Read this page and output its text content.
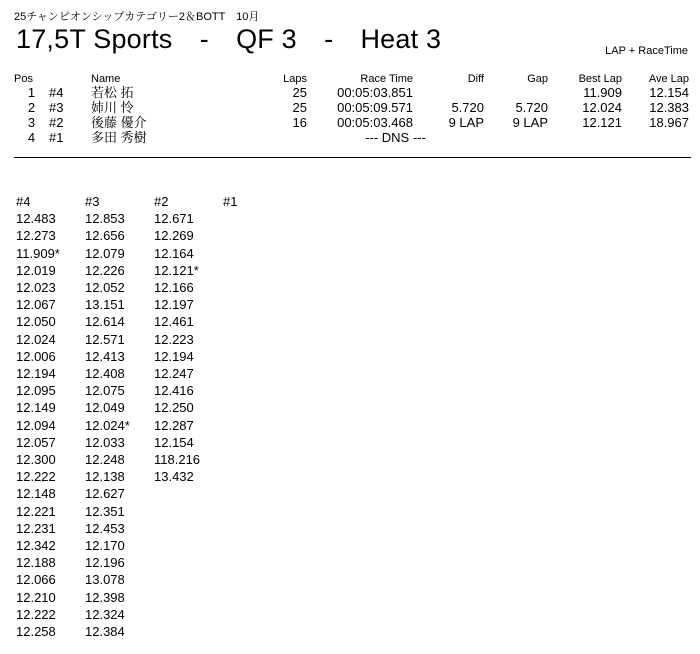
25チャンピオンシップカテゴリー2＆BOTT　10月
17,5T Sports　-　QF 3　-　Heat 3	LAP + RaceTime
Pos		Name	Laps	Race Time	Diff	Gap	Best Lap	Ave Lap
1	#4	若松 拓	25	00:05:03.851			11.909	12.154
2	#3	姉川 怜	25	00:05:09.571	5.720	5.720	12.024	12.383
3	#2	後藤 優介	16	00:05:03.468	9 LAP	9 LAP	12.121	18.967
4	#1	多田 秀樹		--- DNS ---				
#4	#3	#2	#1
12.483	12.853	12.671	
12.273	12.656	12.269	
11.909*	12.079	12.164	
12.019	12.226	12.121*	
12.023	12.052	12.166	
12.067	13.151	12.197	
12.050	12.614	12.461	
12.024	12.571	12.223	
12.006	12.413	12.194	
12.194	12.408	12.247	
12.095	12.075	12.416	
12.149	12.049	12.250	
12.094	12.024*	12.287	
12.057	12.033	12.154	
12.300	12.248	118.216	
12.222	12.138	13.432	
12.148	12.627		
12.221	12.351		
12.231	12.453		
12.342	12.170		
12.188	12.196		
12.066	13.078		
12.210	12.398		
12.222	12.324		
12.258	12.384		
